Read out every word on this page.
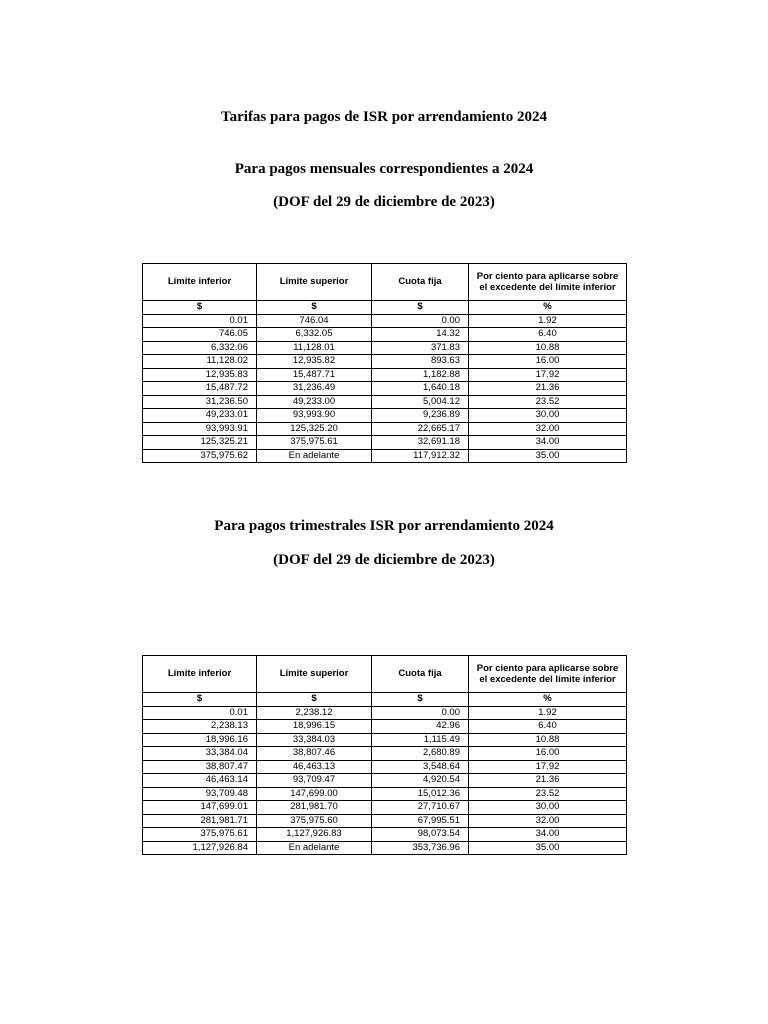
Tarifas para pagos de ISR por arrendamiento 2024
Para pagos mensuales correspondientes a 2024
(DOF del 29 de diciembre de 2023)
Límite inferior	Límite superior	Cuota fija	Por ciento para aplicarse sobre el excedente del límite inferior
$	$	$	%
0.01	746.04	0.00	1.92
746.05	6,332.05	14.32	6.40
6,332.06	11,128.01	371.83	10.88
11,128.02	12,935.82	893.63	16.00
12,935.83	15,487.71	1,182.88	17.92
15,487.72	31,236.49	1,640.18	21.36
31,236.50	49,233.00	5,004.12	23.52
49,233.01	93,993.90	9,236.89	30.00
93,993.91	125,325.20	22,665.17	32.00
125,325.21	375,975.61	32,691.18	34.00
375,975.62	En adelante	117,912.32	35.00
Para pagos trimestrales ISR por arrendamiento 2024
(DOF del 29 de diciembre de 2023)
Límite inferior	Límite superior	Cuota fija	Por ciento para aplicarse sobre el excedente del límite inferior
$	$	$	%
0.01	2,238.12	0.00	1.92
2,238.13	18,996.15	42.96	6.40
18,996.16	33,384.03	1,115.49	10.88
33,384.04	38,807.46	2,680.89	16.00
38,807.47	46,463.13	3,548.64	17.92
46,463.14	93,709.47	4,920.54	21.36
93,709.48	147,699.00	15,012.36	23.52
147,699.01	281,981.70	27,710.67	30.00
281,981.71	375,975.60	67,995.51	32.00
375,975.61	1,127,926.83	98,073.54	34.00
1,127,926.84	En adelante	353,736.96	35.00
